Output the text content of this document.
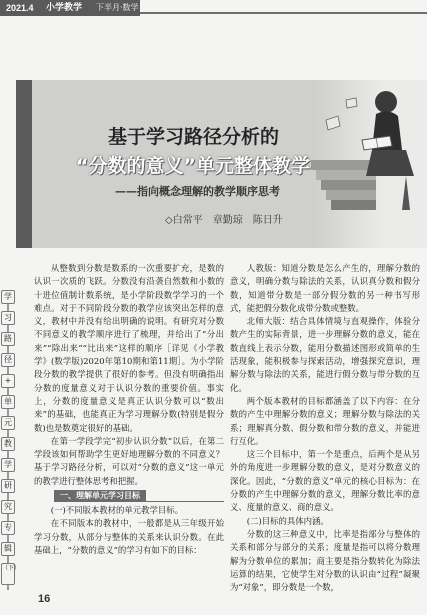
2021.4 小学教学 下半月·数学
基于学习路径分析的
“分数的意义”单元整体教学
——指向概念理解的教学顺序思考
◇白常平　章勤琼　陈日升
学
习
路
径
+
单
元
教
学
研
究
专
辑
（下）

从整数到分数是数系的一次重要扩充，是数的认识一次质的飞跃。分数没有沿袭自然数和小数的十进位值制计数系统，是小学阶段数学学习的一个难点。对于不同阶段分数的教学应该突出怎样的意义，教材中并没有给出明确的说明。有研究对分数不同意义的教学顺序进行了梳理，并给出了“分出来”“除出来”“比出来”这样的顺序［详见《小学教学》(数学版)2020年第10期和第11期］。为小学阶段分数的教学提供了很好的参考。但没有明确指出分数的度量意义对于认识分数的重要价值。事实上，分数的度量意义是真正认识分数可以“数出来”的基础，也能真正为学习理解分数(特别是假分数)也是数奠定很好的基础。

在第一学段学完“初步认识分数”以后，在第二学段该如何帮助学生更好地理解分数的不同意义？基于学习路径分析，可以对“分数的意义”这一单元的教学进行整体思考和把握。

一、理解单元学习目标

(一)不同版本教材的单元教学目标。

在不同版本的教材中，一般都是从三年级开始学习分数，从部分与整体的关系来认识分数。在此基础上，“分数的意义”的学习有如下的目标：

人教版：知道分数是怎么产生的，理解分数的意义，明确分数与除法的关系，认识真分数和假分数，知道带分数是一部分假分数的另一种书写形式，能把假分数化成带分数或整数。

北师大版：结合具体情境与直观操作，体验分数产生的实际背景，进一步理解分数的意义，能在数直线上表示分数，能用分数描述图形或简单的生活现象，能积极参与探索活动，增强探究意识，理解分数与除法的关系，能进行假分数与带分数的互化。

两个版本教材的目标都涵盖了以下内容：在分数的产生中理解分数的意义；理解分数与除法的关系；理解真分数、假分数和带分数的意义，并能进行互化。

这三个目标中，第一个是重点，后两个是从另外的角度进一步理解分数的意义，是对分数意义的深化。因此，“分数的意义”单元的核心目标为：在分数的产生中理解分数的意义，理解分数比率的意义、度量的意义、商的意义。

(二)目标的具体内涵。

分数的这三种意义中，比率是指部分与整体的关系和部分与部分的关系；度量是指可以将分数理解为分数单位的累加；商主要是指分数转化为除法运算的结果，它使学生对分数的认识由“过程”凝聚为“对象”，即分数是一个数，

16
